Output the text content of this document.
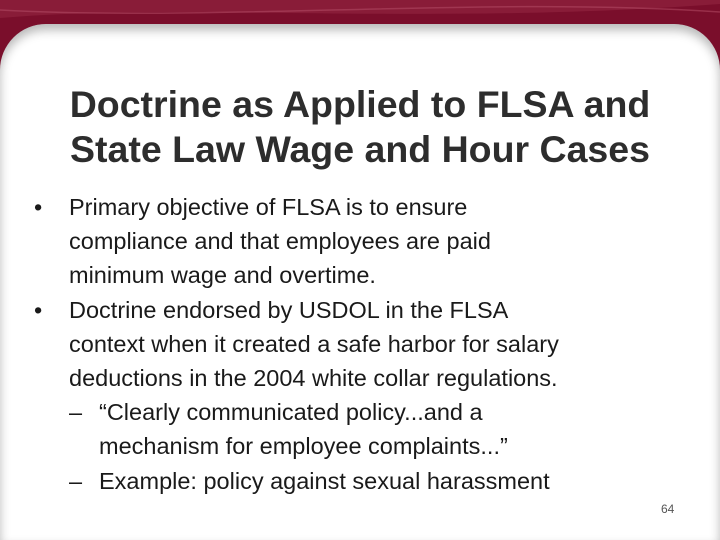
Doctrine as Applied to FLSA and
State Law Wage and Hour Cases
•	Primary objective of FLSA is to ensure
compliance and that employees are paid
minimum wage and overtime.
•	Doctrine endorsed by USDOL in the FLSA
context when it created a safe harbor for salary
deductions in the 2004 white collar regulations.
– “Clearly communicated policy...and a
mechanism for employee complaints...”
– Example: policy against sexual harassment
64
